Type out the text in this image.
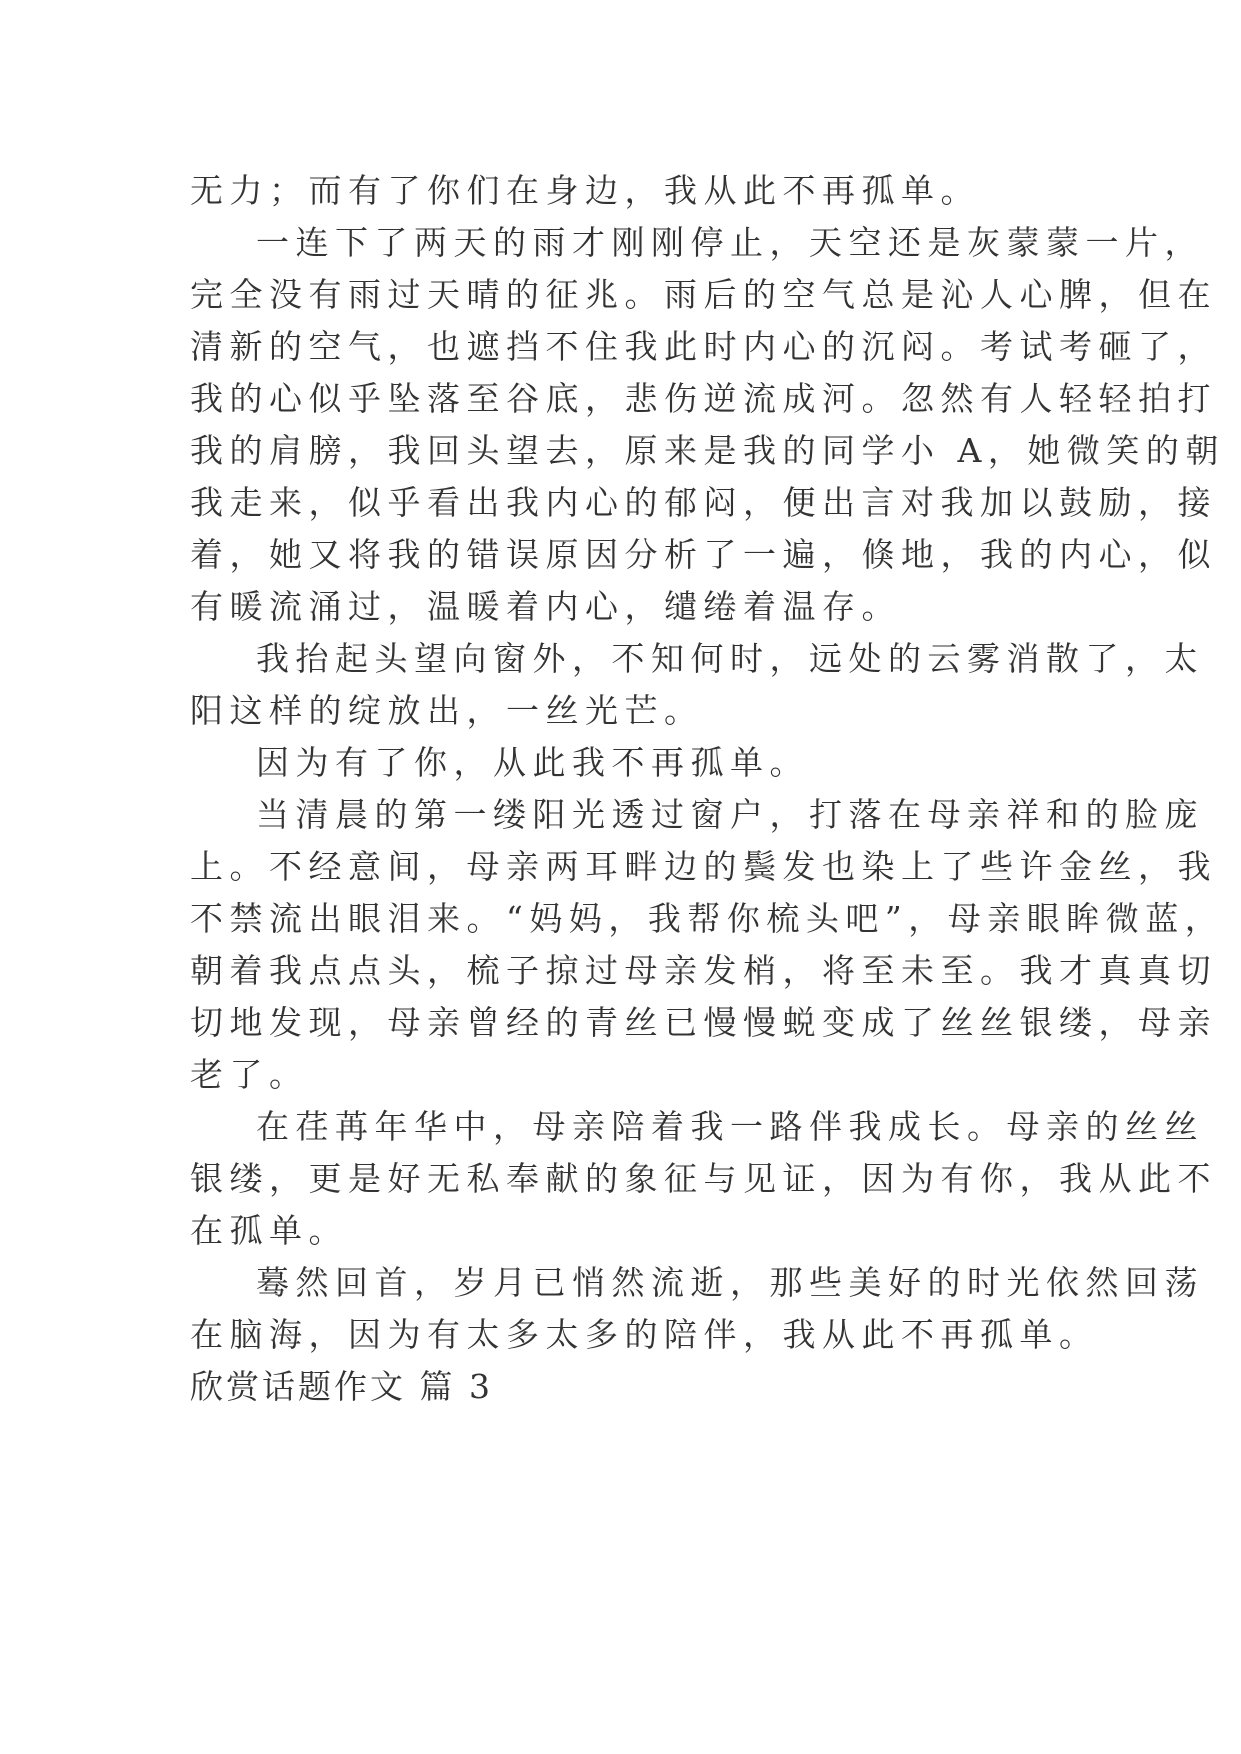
无力；而有了你们在身边，我从此不再孤单。
一连下了两天的雨才刚刚停止，天空还是灰蒙蒙一片，
完全没有雨过天晴的征兆。雨后的空气总是沁人心脾，但在
清新的空气，也遮挡不住我此时内心的沉闷。考试考砸了，
我的心似乎坠落至谷底，悲伤逆流成河。忽然有人轻轻拍打
我的肩膀，我回头望去，原来是我的同学小 A，她微笑的朝
我走来，似乎看出我内心的郁闷，便出言对我加以鼓励，接
着，她又将我的错误原因分析了一遍，倏地，我的内心，似
有暖流涌过，温暖着内心，缱绻着温存。
我抬起头望向窗外，不知何时，远处的云雾消散了，太
阳这样的绽放出，一丝光芒。
因为有了你，从此我不再孤单。
当清晨的第一缕阳光透过窗户，打落在母亲祥和的脸庞
上。不经意间，母亲两耳畔边的鬓发也染上了些许金丝，我
不禁流出眼泪来。“妈妈，我帮你梳头吧”，母亲眼眸微蓝，
朝着我点点头，梳子掠过母亲发梢，将至未至。我才真真切
切地发现，母亲曾经的青丝已慢慢蜕变成了丝丝银缕，母亲
老了。
在荏苒年华中，母亲陪着我一路伴我成长。母亲的丝丝
银缕，更是好无私奉献的象征与见证，因为有你，我从此不
在孤单。
蓦然回首，岁月已悄然流逝，那些美好的时光依然回荡
在脑海，因为有太多太多的陪伴，我从此不再孤单。
欣赏话题作文 篇 3
